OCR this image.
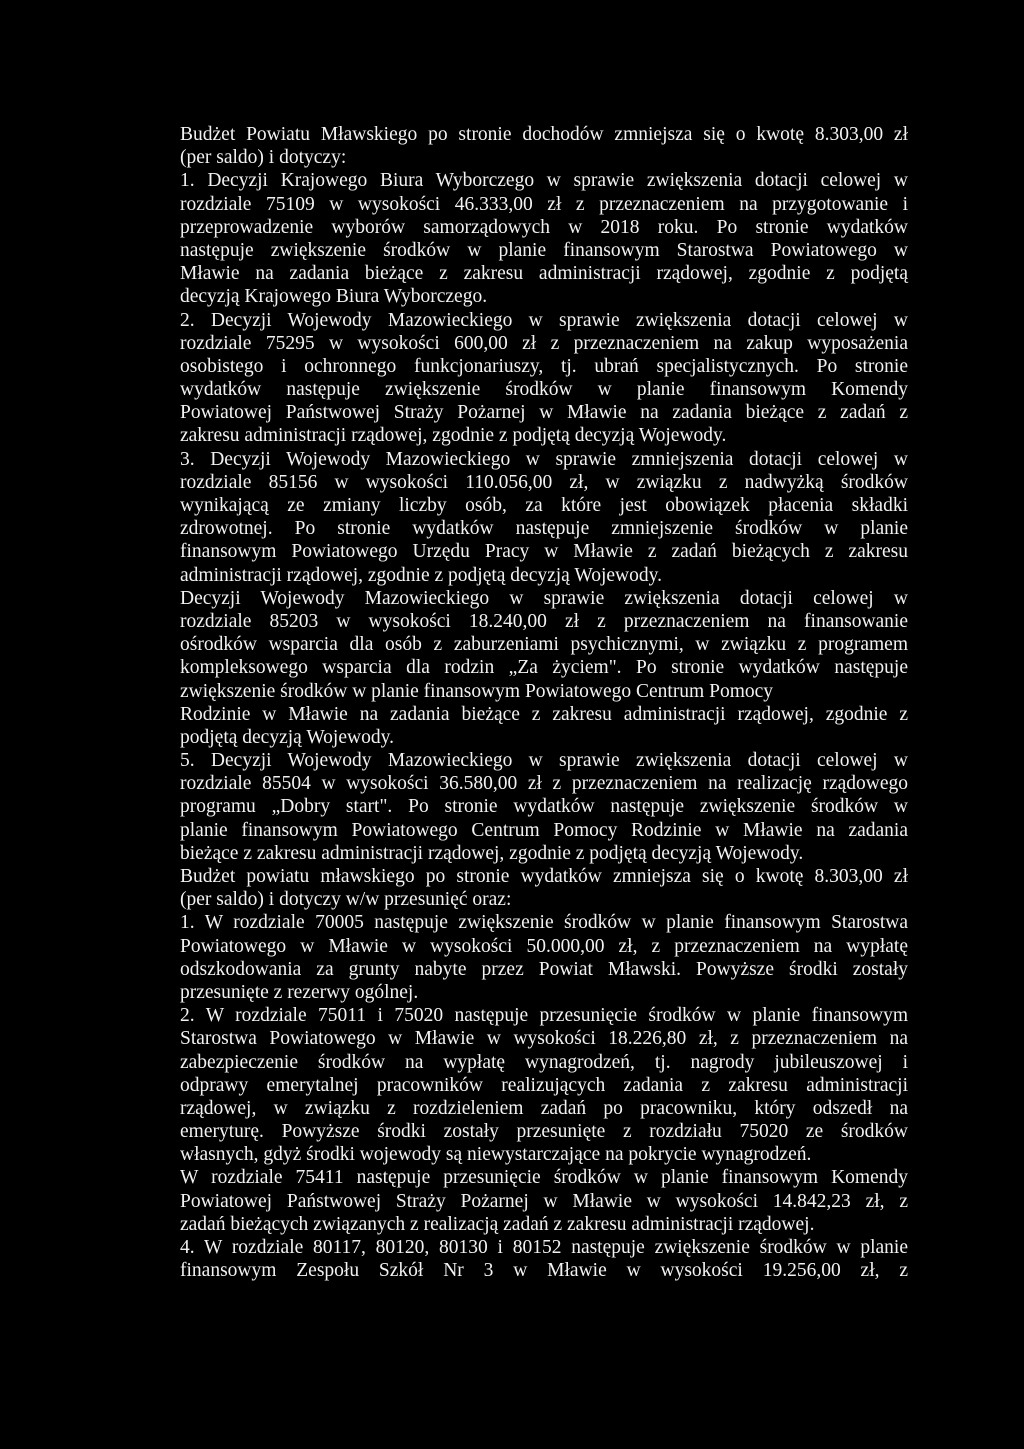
Budżet Powiatu Mławskiego po stronie dochodów zmniejsza się o kwotę 8.303,00 zł
(per saldo) i dotyczy:
1. Decyzji Krajowego Biura Wyborczego w sprawie zwiększenia dotacji celowej w
rozdziale 75109 w wysokości 46.333,00 zł z przeznaczeniem na przygotowanie i
przeprowadzenie wyborów samorządowych w 2018 roku. Po stronie wydatków
następuje zwiększenie środków w planie finansowym Starostwa Powiatowego w
Mławie na zadania bieżące z zakresu administracji rządowej, zgodnie z podjętą
decyzją Krajowego Biura Wyborczego.
2. Decyzji Wojewody Mazowieckiego w sprawie zwiększenia dotacji celowej w
rozdziale 75295 w wysokości 600,00 zł z przeznaczeniem na zakup wyposażenia
osobistego i ochronnego funkcjonariuszy, tj. ubrań specjalistycznych. Po stronie
wydatków następuje zwiększenie środków w planie finansowym Komendy
Powiatowej Państwowej Straży Pożarnej w Mławie na zadania bieżące z zadań z
zakresu administracji rządowej, zgodnie z podjętą decyzją Wojewody.
3. Decyzji Wojewody Mazowieckiego w sprawie zmniejszenia dotacji celowej w
rozdziale 85156 w wysokości 110.056,00 zł, w związku z nadwyżką środków
wynikającą ze zmiany liczby osób, za które jest obowiązek płacenia składki
zdrowotnej. Po stronie wydatków następuje zmniejszenie środków w planie
finansowym Powiatowego Urzędu Pracy w Mławie z zadań bieżących z zakresu
administracji rządowej, zgodnie z podjętą decyzją Wojewody.
Decyzji Wojewody Mazowieckiego w sprawie zwiększenia dotacji celowej w
rozdziale 85203 w wysokości 18.240,00 zł z przeznaczeniem na finansowanie
ośrodków wsparcia dla osób z zaburzeniami psychicznymi, w związku z programem
kompleksowego wsparcia dla rodzin „Za życiem". Po stronie wydatków następuje
zwiększenie środków w planie finansowym Powiatowego Centrum Pomocy
Rodzinie w Mławie na zadania bieżące z zakresu administracji rządowej, zgodnie z
podjętą decyzją Wojewody.
5. Decyzji Wojewody Mazowieckiego w sprawie zwiększenia dotacji celowej w
rozdziale 85504 w wysokości 36.580,00 zł z przeznaczeniem na realizację rządowego
programu „Dobry start". Po stronie wydatków następuje zwiększenie środków w
planie finansowym Powiatowego Centrum Pomocy Rodzinie w Mławie na zadania
bieżące z zakresu administracji rządowej, zgodnie z podjętą decyzją Wojewody.
Budżet powiatu mławskiego po stronie wydatków zmniejsza się o kwotę 8.303,00 zł
(per saldo) i dotyczy w/w przesunięć oraz:
1. W rozdziale 70005 następuje zwiększenie środków w planie finansowym Starostwa
Powiatowego w Mławie w wysokości 50.000,00 zł, z przeznaczeniem na wypłatę
odszkodowania za grunty nabyte przez Powiat Mławski. Powyższe środki zostały
przesunięte z rezerwy ogólnej.
2. W rozdziale 75011 i 75020 następuje przesunięcie środków w planie finansowym
Starostwa Powiatowego w Mławie w wysokości 18.226,80 zł, z przeznaczeniem na
zabezpieczenie środków na wypłatę wynagrodzeń, tj. nagrody jubileuszowej i
odprawy emerytalnej pracowników realizujących zadania z zakresu administracji
rządowej, w związku z rozdzieleniem zadań po pracowniku, który odszedł na
emeryturę. Powyższe środki zostały przesunięte z rozdziału 75020 ze środków
własnych, gdyż środki wojewody są niewystarczające na pokrycie wynagrodzeń.
W rozdziale 75411 następuje przesunięcie środków w planie finansowym Komendy
Powiatowej Państwowej Straży Pożarnej w Mławie w wysokości 14.842,23 zł, z
zadań bieżących związanych z realizacją zadań z zakresu administracji rządowej.
4. W rozdziale 80117, 80120, 80130 i 80152 następuje zwiększenie środków w planie
finansowym Zespołu Szkół Nr 3 w Mławie w wysokości 19.256,00 zł, z
